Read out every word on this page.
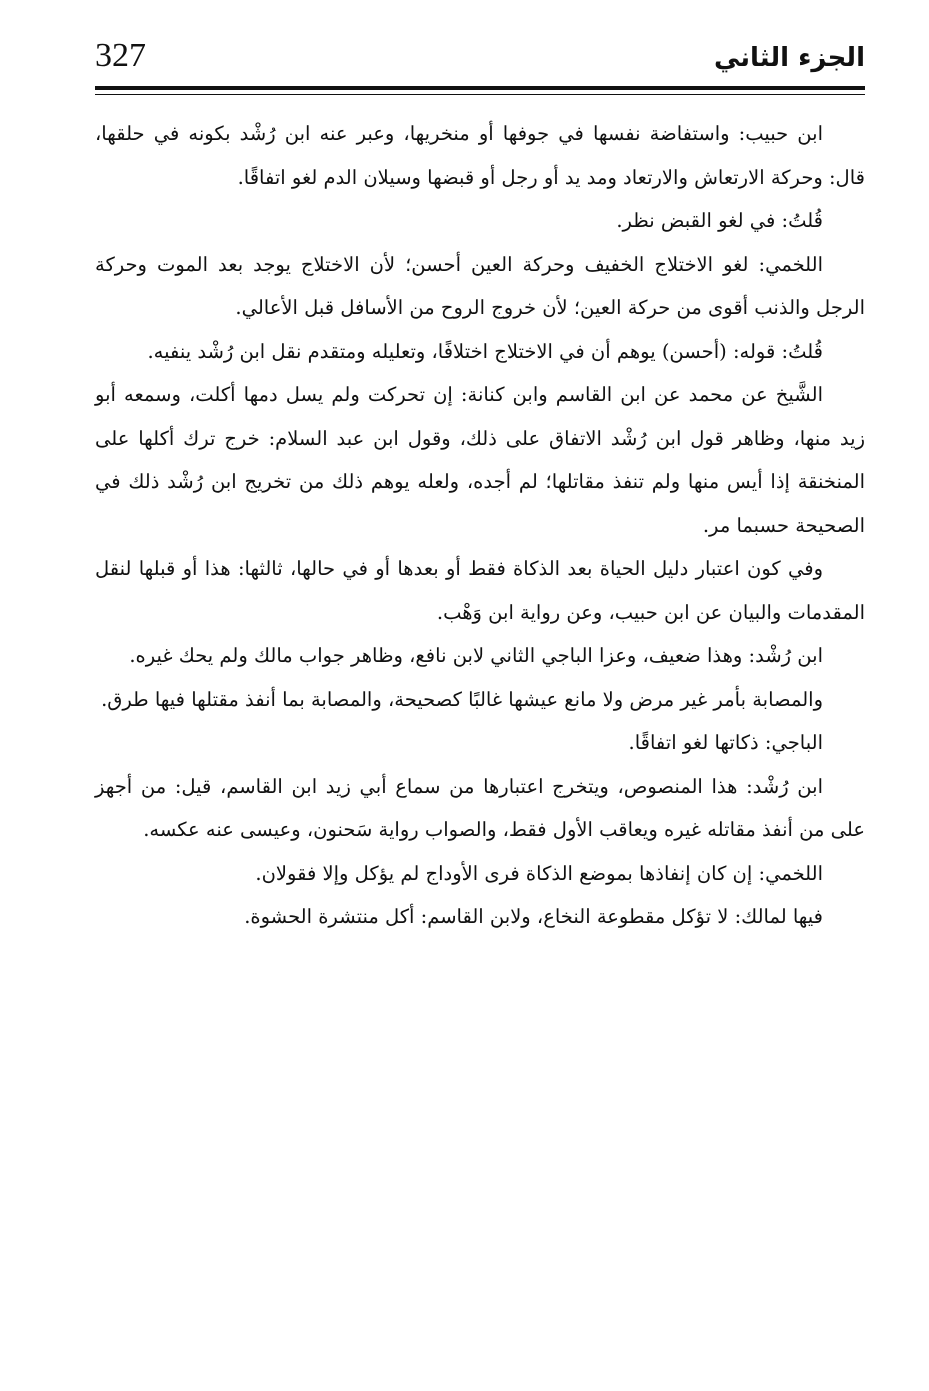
327	الجزء الثاني

ابن حبيب: واستفاضة نفسها في جوفها أو منخريها، وعبر عنه ابن رُشْد بكونه في حلقها، قال: وحركة الارتعاش والارتعاد ومد يد أو رجل أو قبضها وسيلان الدم لغو اتفاقًا.

قُلتُ: في لغو القبض نظر.

اللخمي: لغو الاختلاج الخفيف وحركة العين أحسن؛ لأن الاختلاج يوجد بعد الموت وحركة الرجل والذنب أقوى من حركة العين؛ لأن خروج الروح من الأسافل قبل الأعالي.

قُلتُ: قوله: (أحسن) يوهم أن في الاختلاج اختلافًا، وتعليله ومتقدم نقل ابن رُشْد ينفيه.

الشَّيخ عن محمد عن ابن القاسم وابن كنانة: إن تحركت ولم يسل دمها أكلت، وسمعه أبو زيد منها، وظاهر قول ابن رُشْد الاتفاق على ذلك، وقول ابن عبد السلام: خرج ترك أكلها على المنخنقة إذا أيس منها ولم تنفذ مقاتلها؛ لم أجده، ولعله يوهم ذلك من تخريج ابن رُشْد ذلك في الصحيحة حسبما مر.

وفي كون اعتبار دليل الحياة بعد الذكاة فقط أو بعدها أو في حالها، ثالثها: هذا أو قبلها لنقل المقدمات والبيان عن ابن حبيب، وعن رواية ابن وَهْب.

ابن رُشْد: وهذا ضعيف، وعزا الباجي الثاني لابن نافع، وظاهر جواب مالك ولم يحك غيره.

والمصابة بأمر غير مرض ولا مانع عيشها غالبًا كصحيحة، والمصابة بما أنفذ مقتلها فيها طرق.

الباجي: ذكاتها لغو اتفاقًا.

ابن رُشْد: هذا المنصوص، ويتخرج اعتبارها من سماع أبي زيد ابن القاسم، قيل: من أجهز على من أنفذ مقاتله غيره ويعاقب الأول فقط، والصواب رواية سَحنون، وعيسى عنه عكسه.

اللخمي: إن كان إنفاذها بموضع الذكاة فرى الأوداج لم يؤكل وإلا فقولان.

فيها لمالك: لا تؤكل مقطوعة النخاع، ولابن القاسم: أكل منتشرة الحشوة.
